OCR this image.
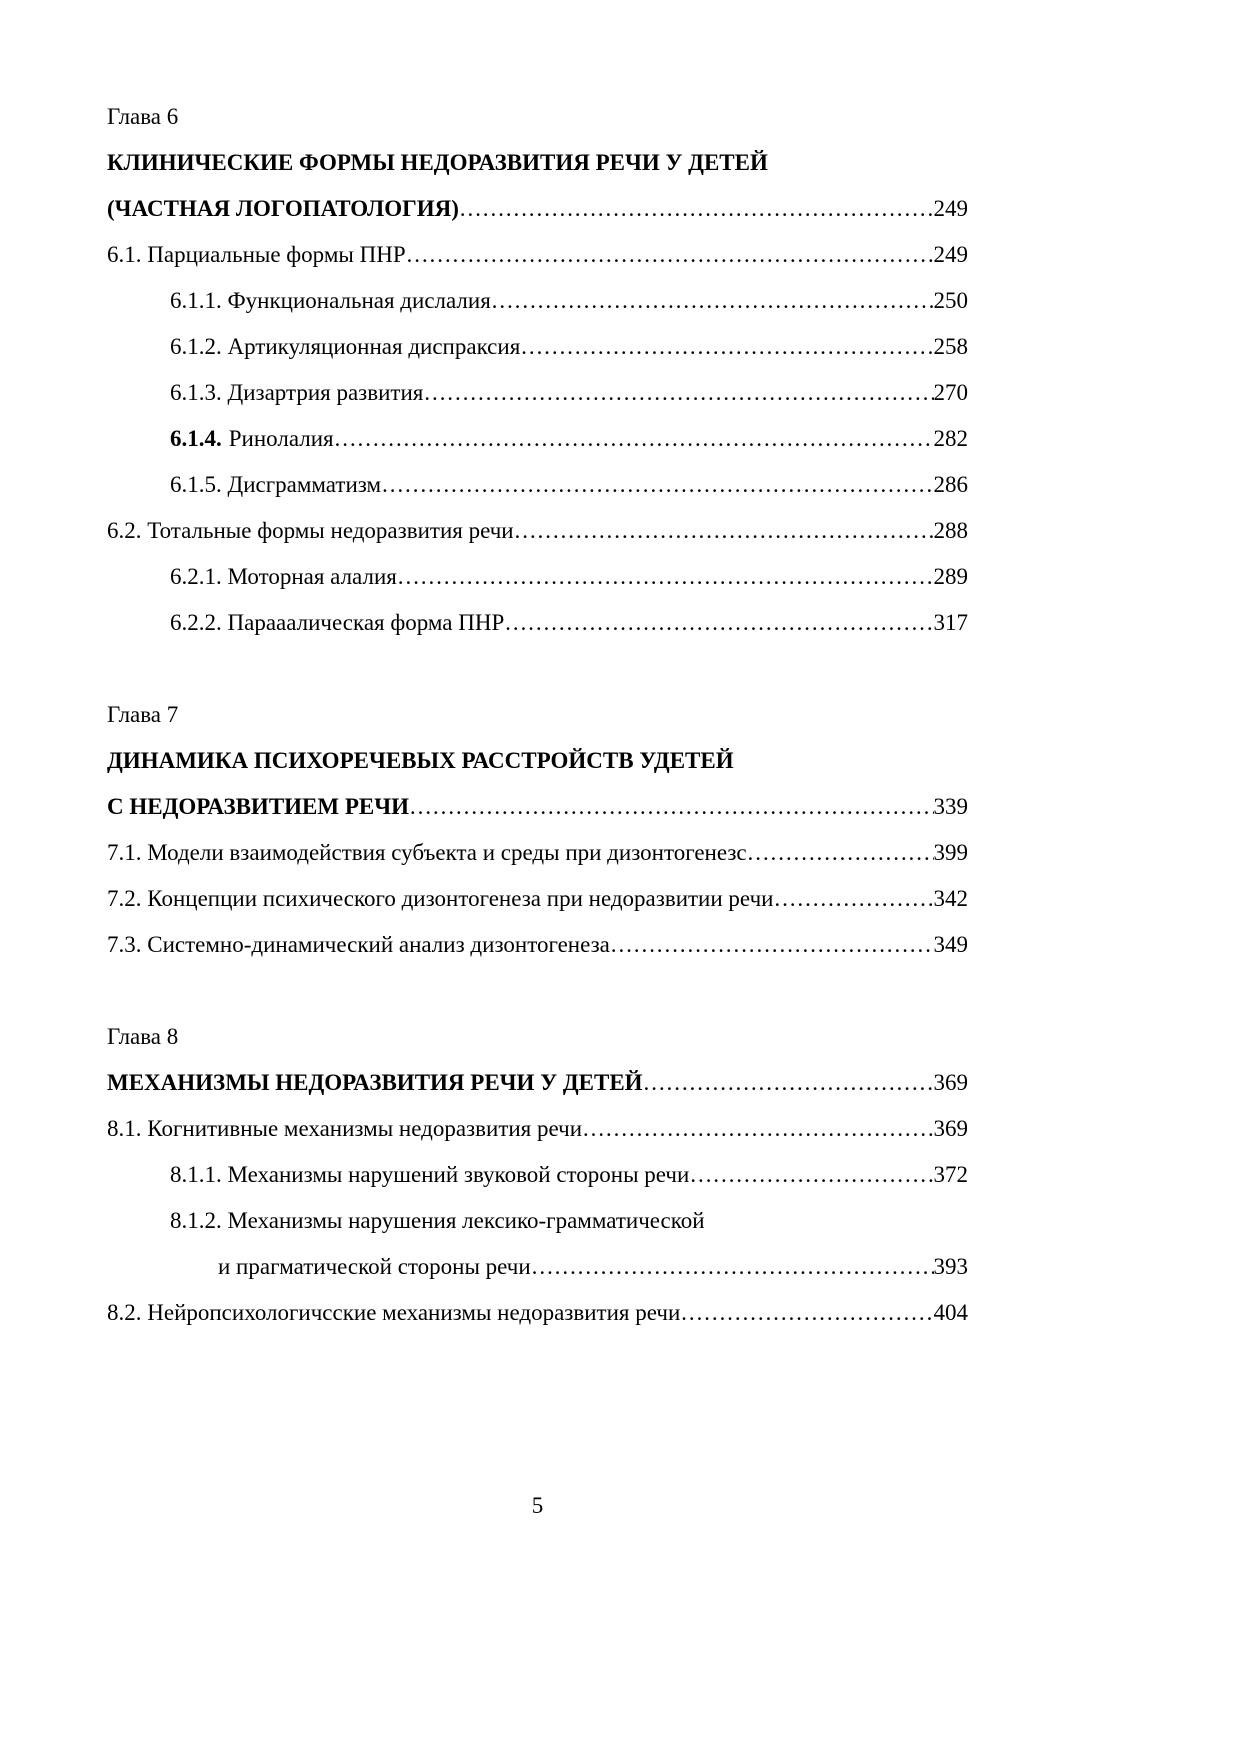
Глава 6
КЛИНИЧЕСКИЕ ФОРМЫ НЕДОРАЗВИТИЯ РЕЧИ У ДЕТЕЙ
(ЧАСТНАЯ ЛОГОПАТОЛОГИЯ) …………………………………………………………………………………………………………………………………………………………………………………………	249
6.1. Парциальные формы ПНР …………………………………………………………………………………………………………………………………………………………………………………………	249
6.1.1. Функциональная дислалия …………………………………………………………………………………………………………………………………………………………………………………………	250
6.1.2. Артикуляционная диспраксия …………………………………………………………………………………………………………………………………………………………………………………………	258
6.1.3. Дизартрия развития …………………………………………………………………………………………………………………………………………………………………………………………	270
6.1.4. Ринолалия …………………………………………………………………………………………………………………………………………………………………………………………	282
6.1.5. Дисграмматизм …………………………………………………………………………………………………………………………………………………………………………………………	286
6.2. Тотальные формы недоразвития речи …………………………………………………………………………………………………………………………………………………………………………………………	288
6.2.1. Моторная алалия …………………………………………………………………………………………………………………………………………………………………………………………	289
6.2.2. Парааалическая форма ПНР …………………………………………………………………………………………………………………………………………………………………………………………	317
Глава 7
ДИНАМИКА ПСИХОРЕЧЕВЫХ РАССТРОЙСТВ УДЕТЕЙ
С НЕДОРАЗВИТИЕМ РЕЧИ …………………………………………………………………………………………………………………………………………………………………………………………	339
7.1. Модели взаимодействия субъекта и среды при дизонтогенезс …………………………………………………………………………………………………………………………………………………………………………………………	399
7.2. Концепции психического дизонтогенеза при недоразвитии речи …………………………………………………………………………………………………………………………………………………………………………………………	342
7.3. Системно-динамический анализ дизонтогенеза …………………………………………………………………………………………………………………………………………………………………………………………	349
Глава 8
МЕХАНИЗМЫ НЕДОРАЗВИТИЯ РЕЧИ У ДЕТЕЙ …………………………………………………………………………………………………………………………………………………………………………………………	369
8.1. Когнитивные механизмы недоразвития речи …………………………………………………………………………………………………………………………………………………………………………………………	369
8.1.1. Механизмы нарушений звуковой стороны речи …………………………………………………………………………………………………………………………………………………………………………………………	372
8.1.2. Механизмы нарушения лексико-грамматической
и прагматической стороны речи …………………………………………………………………………………………………………………………………………………………………………………………	393
8.2. Нейропсихологичсские механизмы недоразвития речи …………………………………………………………………………………………………………………………………………………………………………………………	404
5
